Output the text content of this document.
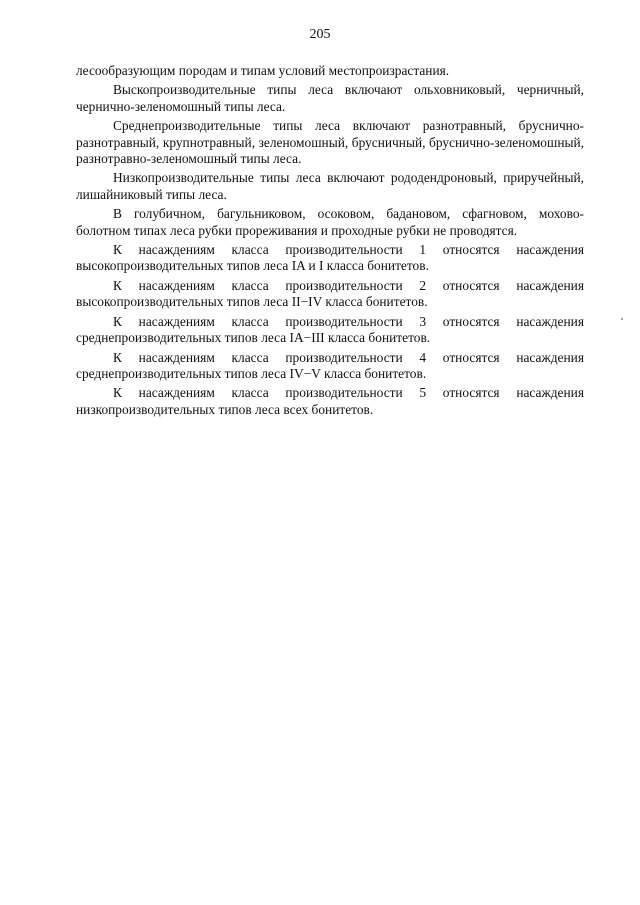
205

лесообразующим породам и типам условий местопроизрастания.

Выскопроизводительные типы леса включают ольховниковый, черничный, чернично-зеленомошный типы леса.

Среднепроизводительные типы леса включают разнотравный, бруснично-разнотравный, крупнотравный, зеленомошный, брусничный, бруснично-зеленомошный, разнотравно-зеленомошный типы леса.

Низкопроизводительные типы леса включают рододендроновый, приручейный, лишайниковый типы леса.

В голубичном, багульниковом, осоковом, бадановом, сфагновом, мохово-болотном типах леса рубки прореживания и проходные рубки не проводятся.

К насаждениям класса производительности 1 относятся насаждения высокопроизводительных типов леса IA и I класса бонитетов.

К насаждениям класса производительности 2 относятся насаждения высокопроизводительных типов леса II−IV класса бонитетов.

К насаждениям класса производительности 3 относятся насаждения среднепроизводительных типов леса IA−III класса бонитетов.

К насаждениям класса производительности 4 относятся насаждения среднепроизводительных типов леса IV−V класса бонитетов.

К насаждениям класса производительности 5 относятся насаждения низкопроизводительных типов леса всех бонитетов.
